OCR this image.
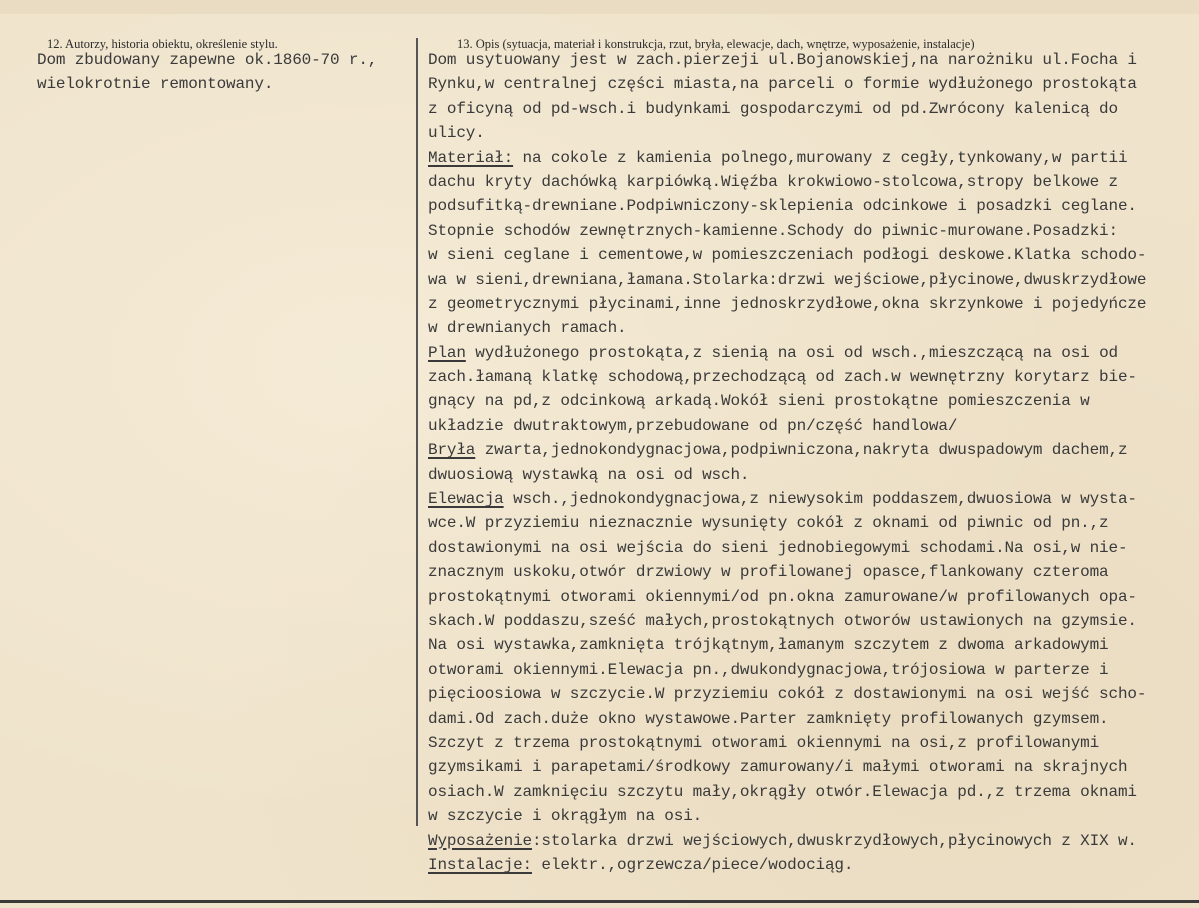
12. Autorzy, historia obiektu, określenie stylu.	13. Opis (sytuacja, materiał i konstrukcja, rzut, bryła, elewacje, dach, wnętrze, wyposażenie, instalacje)
Dom zbudowany zapewne ok.1860-70 r.,
wielokrotnie remontowany.
Dom usytuowany jest w zach.pierzeji ul.Bojanowskiej,na narożniku ul.Focha i
Rynku,w centralnej części miasta,na parceli o formie wydłużonego prostokąta
z oficyną od pd-wsch.i budynkami gospodarczymi od pd.Zwrócony kalenicą do
ulicy.
Materiał: na cokole z kamienia polnego,murowany z cegły,tynkowany,w partii
dachu kryty dachówką karpiówką.Więźba krokwiowo-stolcowa,stropy belkowe z
podsufitką-drewniane.Podpiwniczony-sklepienia odcinkowe i posadzki ceglane.
Stopnie schodów zewnętrznych-kamienne.Schody do piwnic-murowane.Posadzki:
w sieni ceglane i cementowe,w pomieszczeniach podłogi deskowe.Klatka schodo-
wa w sieni,drewniana,łamana.Stolarka:drzwi wejściowe,płycinowe,dwuskrzydłowe
z geometrycznymi płycinami,inne jednoskrzydłowe,okna skrzynkowe i pojedyńcze
w drewnianych ramach.
Plan wydłużonego prostokąta,z sienią na osi od wsch.,mieszczącą na osi od
zach.łamaną klatkę schodową,przechodzącą od zach.w wewnętrzny korytarz bie-
gnący na pd,z odcinkową arkadą.Wokół sieni prostokątne pomieszczenia w
układzie dwutraktowym,przebudowane od pn/część handlowa/
Bryła zwarta,jednokondygnacjowa,podpiwniczona,nakryta dwuspadowym dachem,z
dwuosiową wystawką na osi od wsch.
Elewacja wsch.,jednokondygnacjowa,z niewysokim poddaszem,dwuosiowa w wysta-
wce.W przyziemiu nieznacznie wysunięty cokół z oknami od piwnic od pn.,z
dostawionymi na osi wejścia do sieni jednobiegowymi schodami.Na osi,w nie-
znacznym uskoku,otwór drzwiowy w profilowanej opasce,flankowany czteroma
prostokątnymi otworami okiennymi/od pn.okna zamurowane/w profilowanych opa-
skach.W poddaszu,sześć małych,prostokątnych otworów ustawionych na gzymsie.
Na osi wystawka,zamknięta trójkątnym,łamanym szczytem z dwoma arkadowymi
otworami okiennymi.Elewacja pn.,dwukondygnacjowa,trójosiowa w parterze i
pięcioosiowa w szczycie.W przyziemiu cokół z dostawionymi na osi wejść scho-
dami.Od zach.duże okno wystawowe.Parter zamknięty profilowanych gzymsem.
Szczyt z trzema prostokątnymi otworami okiennymi na osi,z profilowanymi
gzymsikami i parapetami/środkowy zamurowany/i małymi otworami na skrajnych
osiach.W zamknięciu szczytu mały,okrągły otwór.Elewacja pd.,z trzema oknami
w szczycie i okrągłym na osi.
Wyposażenie:stolarka drzwi wejściowych,dwuskrzydłowych,płycinowych z XIX w.
Instalacje: elektr.,ogrzewcza/piece/wodociąg.
